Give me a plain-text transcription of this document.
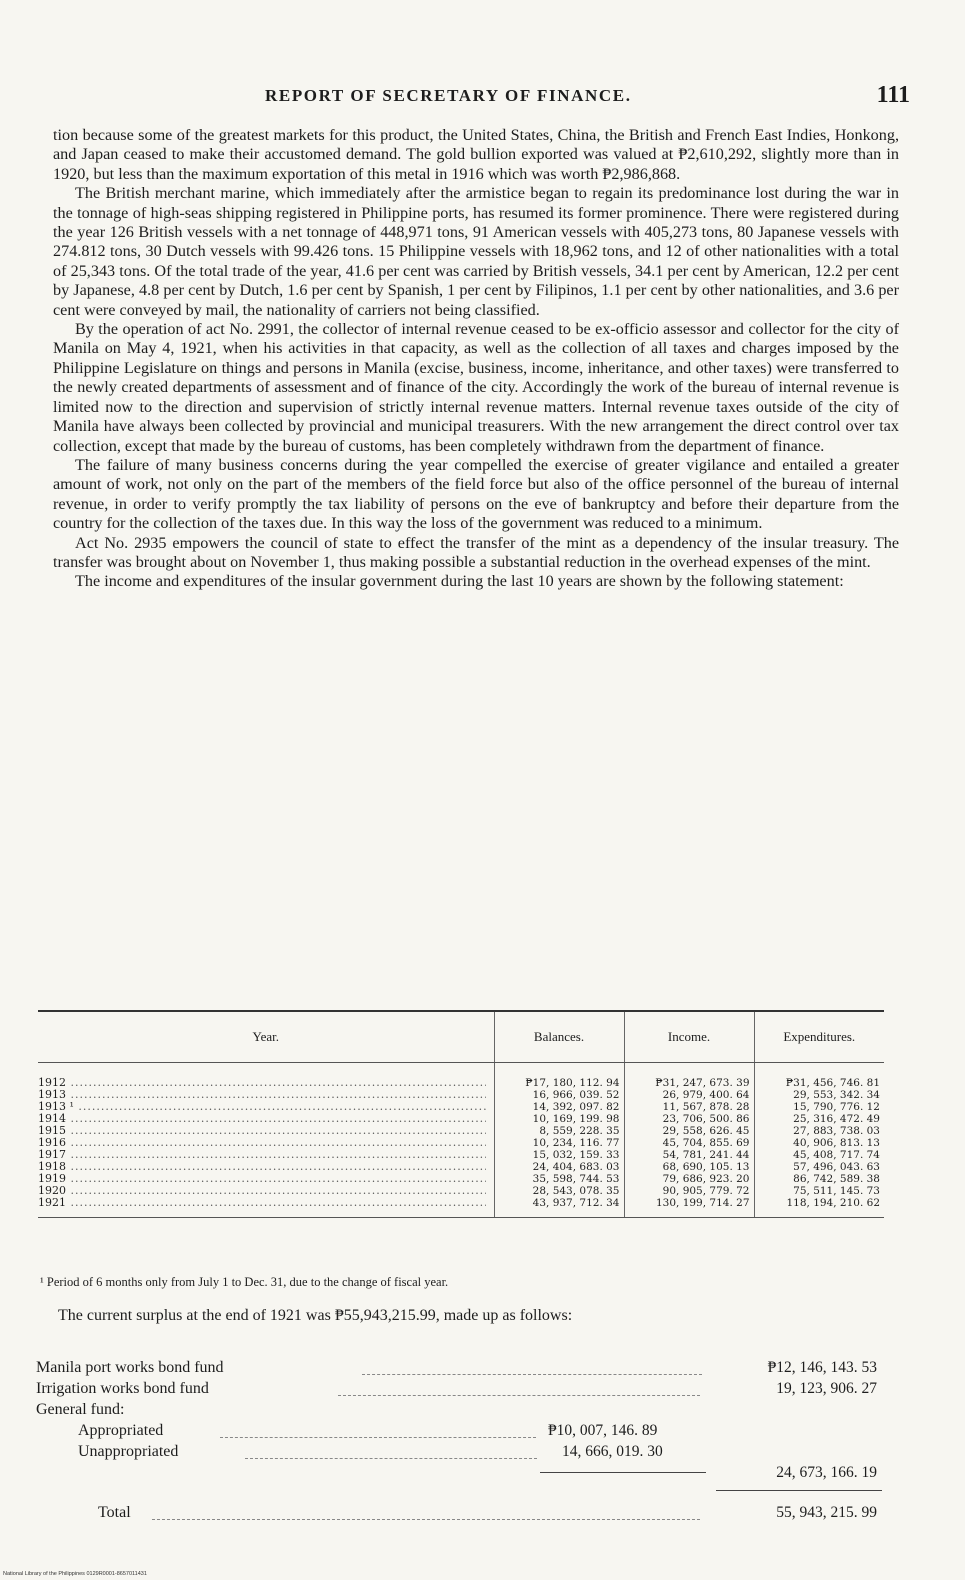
REPORT OF SECRETARY OF FINANCE.	111

tion because some of the greatest markets for this product, the United States, China, the British and French East Indies, Honkong, and Japan ceased to make their accustomed demand. The gold bullion exported was valued at ₱2,610,292, slightly more than in 1920, but less than the maximum exportation of this metal in 1916 which was worth ₱2,986,868.

The British merchant marine, which immediately after the armistice began to regain its predominance lost during the war in the tonnage of high-seas shipping registered in Philippine ports, has resumed its former prominence. There were registered during the year 126 British vessels with a net tonnage of 448,971 tons, 91 American vessels with 405,273 tons, 80 Japanese vessels with 274.812 tons, 30 Dutch vessels with 99.426 tons. 15 Philippine vessels with 18,962 tons, and 12 of other nationalities with a total of 25,343 tons. Of the total trade of the year, 41.6 per cent was carried by British vessels, 34.1 per cent by American, 12.2 per cent by Japanese, 4.8 per cent by Dutch, 1.6 per cent by Spanish, 1 per cent by Filipinos, 1.1 per cent by other nationalities, and 3.6 per cent were conveyed by mail, the nationality of carriers not being classified.

By the operation of act No. 2991, the collector of internal revenue ceased to be ex-officio assessor and collector for the city of Manila on May 4, 1921, when his activities in that capacity, as well as the collection of all taxes and charges imposed by the Philippine Legislature on things and persons in Manila (excise, business, income, inheritance, and other taxes) were transferred to the newly created departments of assessment and of finance of the city. Accordingly the work of the bureau of internal revenue is limited now to the direction and supervision of strictly internal revenue matters. Internal revenue taxes outside of the city of Manila have always been collected by provincial and municipal treasurers. With the new arrangement the direct control over tax collection, except that made by the bureau of customs, has been completely withdrawn from the department of finance.

The failure of many business concerns during the year compelled the exercise of greater vigilance and entailed a greater amount of work, not only on the part of the members of the field force but also of the office personnel of the bureau of internal revenue, in order to verify promptly the tax liability of persons on the eve of bankruptcy and before their departure from the country for the collection of the taxes due. In this way the loss of the government was reduced to a minimum.

Act No. 2935 empowers the council of state to effect the transfer of the mint as a dependency of the insular treasury. The transfer was brought about on November 1, thus making possible a substantial reduction in the overhead expenses of the mint.

The income and expenditures of the insular government during the last 10 years are shown by the following statement:

Year.	Balances.	Income.	Expenditures.

1912 .....	₱17, 180, 112. 94	₱31, 247, 673. 39	₱31, 456, 746. 81

1913 .....	16, 966, 039. 52	26, 979, 400. 64	29, 553, 342. 34

1913 ¹ .....	14, 392, 097. 82	11, 567, 878. 28	15, 790, 776. 12

1914 .....	10, 169, 199. 98	23, 706, 500. 86	25, 316, 472. 49

1915 .....	8, 559, 228. 35	29, 558, 626. 45	27, 883, 738. 03

1916 .....	10, 234, 116. 77	45, 704, 855. 69	40, 906, 813. 13

1917 .....	15, 032, 159. 33	54, 781, 241. 44	45, 408, 717. 74

1918 .....	24, 404, 683. 03	68, 690, 105. 13	57, 496, 043. 63

1919 .....	35, 598, 744. 53	79, 686, 923. 20	86, 742, 589. 38

1920 .....	28, 543, 078. 35	90, 905, 779. 72	75, 511, 145. 73

1921 .....	43, 937, 712. 34	130, 199, 714. 27	118, 194, 210. 62
¹ Period of 6 months only from July 1 to Dec. 31, due to the change of fiscal year.
The current surplus at the end of 1921 was ₱55,943,215.99, made up as follows:
Manila port works bond fund	₱12, 146, 143. 53
Irrigation works bond fund	19, 123, 906. 27
General fund:
Appropriated	₱10, 007, 146. 89
Unappropriated	14, 666, 019. 30
24, 673, 166. 19
Total	55, 943, 215. 99
National Library of the Philippines 0129R0001-8657011431
